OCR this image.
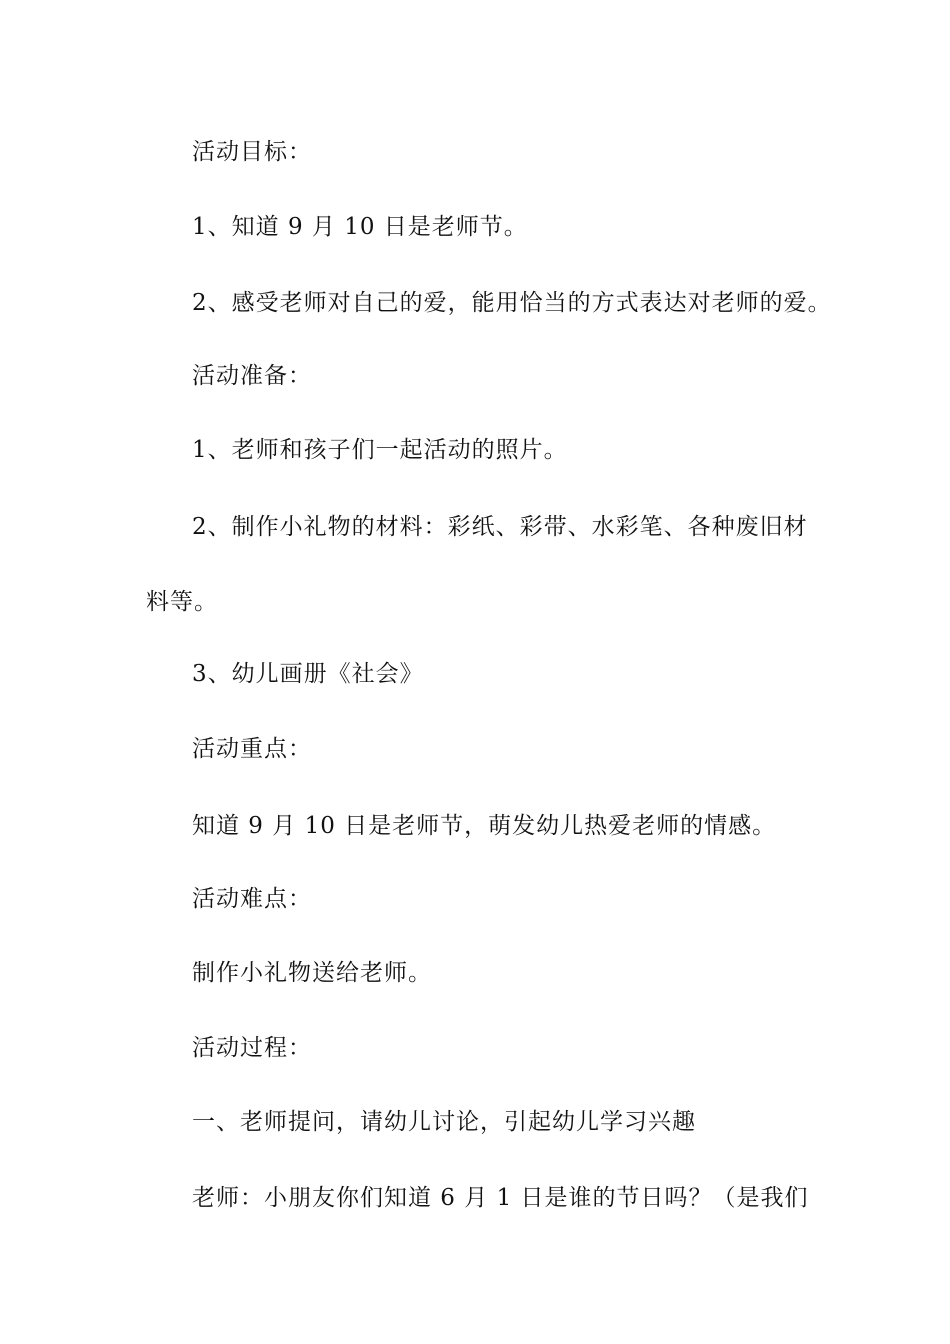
活动目标：
1、知道 9 月 10 日是老师节。
2、感受老师对自己的爱，能用恰当的方式表达对老师的爱。
活动准备：
1、老师和孩子们一起活动的照片。
2、制作小礼物的材料：彩纸、彩带、水彩笔、各种废旧材
料等。
3、幼儿画册《社会》
活动重点：
知道 9 月 10 日是老师节，萌发幼儿热爱老师的情感。
活动难点：
制作小礼物送给老师。
活动过程：
一、老师提问，请幼儿讨论，引起幼儿学习兴趣
老师：小朋友你们知道 6 月 1 日是谁的节日吗？（是我们
